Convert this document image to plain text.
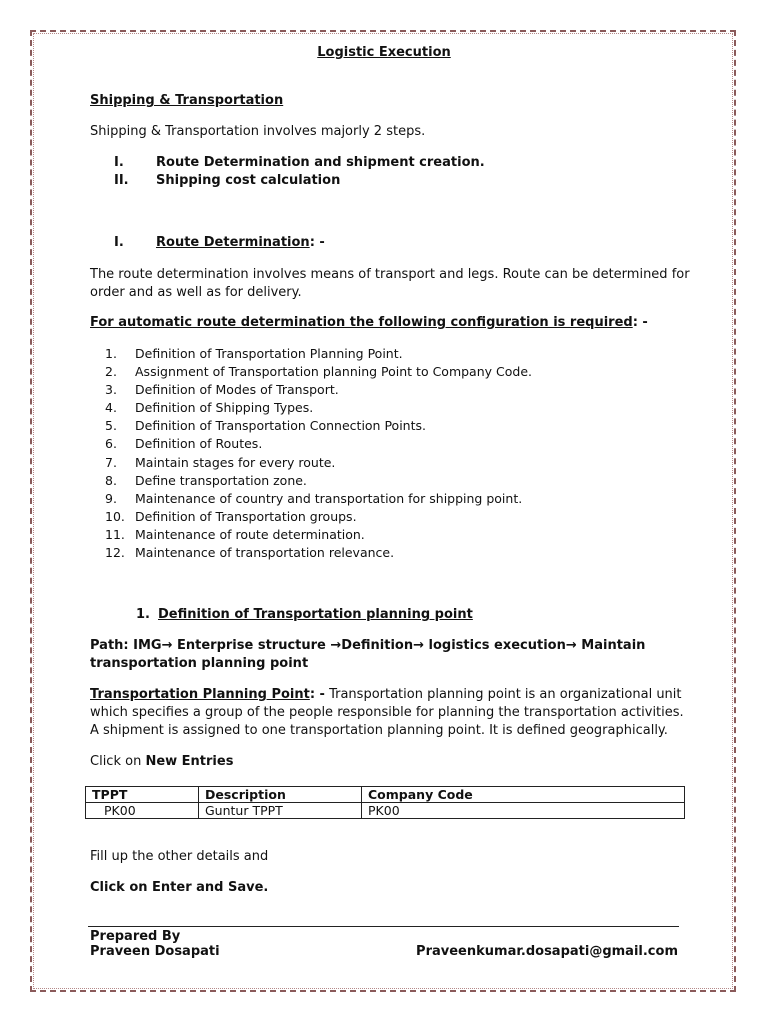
Logistic Execution

Shipping & Transportation

Shipping & Transportation involves majorly 2 steps.

I. Route Determination and shipment creation.
II. Shipping cost calculation
I. Route Determination: -

The route determination involves means of transport and legs. Route can be determined for order and as well as for delivery.

For automatic route determination the following configuration is required: -

1. Definition of Transportation Planning Point.
2. Assignment of Transportation planning Point to Company Code.
3. Definition of Modes of Transport.
4. Definition of Shipping Types.
5. Definition of Transportation Connection Points.
6. Definition of Routes.
7. Maintain stages for every route.
8. Define transportation zone.
9. Maintenance of country and transportation for shipping point.
10. Definition of Transportation groups.
11. Maintenance of route determination.
12. Maintenance of transportation relevance.

1. Definition of Transportation planning point

Path: IMG→ Enterprise structure →Definition→ logistics execution→ Maintain transportation planning point

Transportation Planning Point: - Transportation planning point is an organizational unit which specifies a group of the people responsible for planning the transportation activities. A shipment is assigned to one transportation planning point. It is defined geographically.

Click on New Entries

TPPT	Description	Company Code
PK00	Guntur TPPT	PK00

Fill up the other details and

Click on Enter and Save.

Prepared By

Praveen Dosapati	Praveenkumar.dosapati@gmail.com
